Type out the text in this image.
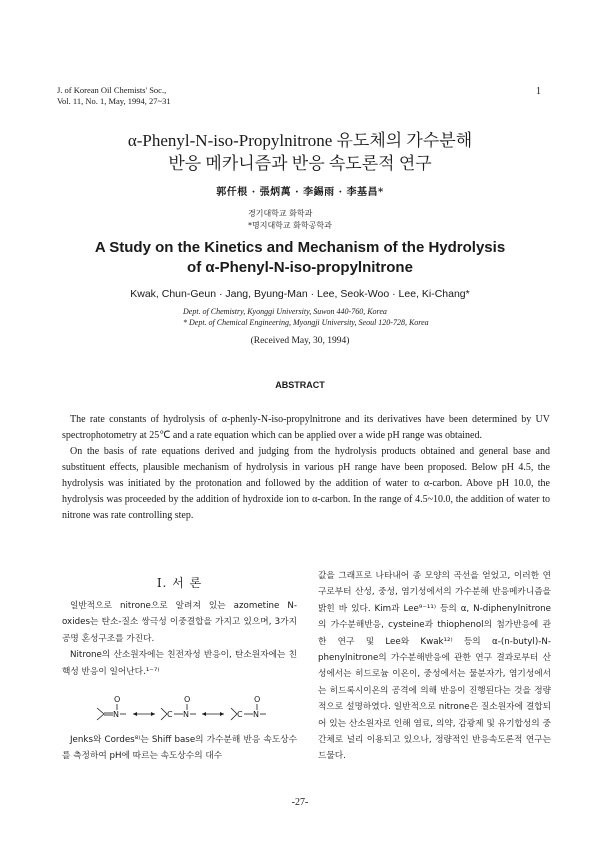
J. of Korean Oil Chemists' Soc.,
Vol. 11, No. 1, May, 1994, 27~31
1
α-Phenyl-N-iso-Propylnitrone 유도체의 가수분해
반응 메카니즘과 반응 속도론적 연구
郭仟根 · 張炳萬 · 李錫雨 · 李基昌*
경기대학교 화학과
*명지대학교 화학공학과
A Study on the Kinetics and Mechanism of the Hydrolysis
of α-Phenyl-N-iso-propylnitrone
Kwak, Chun-Geun · Jang, Byung-Man · Lee, Seok-Woo · Lee, Ki-Chang*
Dept. of Chemistry, Kyonggi University, Suwon 440-760, Korea
* Dept. of Chemical Engineering, Myongji University, Seoul 120-728, Korea
(Received May, 30, 1994)
ABSTRACT

The rate constants of hydrolysis of α-phenly-N-iso-propylnitrone and its derivatives have been determined by UV spectrophotometry at 25℃ and a rate equation which can be applied over a wide pH range was obtained.

On the basis of rate equations derived and judging from the hydrolysis products obtained and general base and substituent effects, plausible mechanism of hydrolysis in various pH range have been proposed. Below pH 4.5, the hydrolysis was initiated by the protonation and followed by the addition of water to α-carbon. Above pH 10.0, the hydrolysis was proceeded by the addition of hydroxide ion to α-carbon. In the range of 4.5~10.0, the addition of water to nitrone was rate controlling step.

I. 서 론

일반적으로 nitrone으로 알려져 있는 azometine N-oxides는 탄소-질소 쌍극성 이중결합을 가지고 있으며, 3가지 공명 혼성구조를 가진다.

Nitrone의 산소원자에는 친전자성 반응이, 탄소원자에는 친핵성 반응이 일어난다.¹⁻⁷⁾

Jenks와 Cordes⁸⁾는 Shiff base의 가수분해 반응 속도상수를 측정하여 pH에 따르는 속도상수의 대수

N
O
C N
O
C N
O

값을 그래프로 나타내어 종 모양의 곡선을 얻었고, 이러한 연구로부터 산성, 중성, 염기성에서의 가수분해 반응메카니즘을 밝힌 바 있다. Kim과 Lee⁹⁻¹¹⁾ 등의 α, N-diphenylnitrone의 가수분해반응, cysteine과 thiophenol의 첨가반응에 관한 연구 및 Lee와 Kwak¹²⁾ 등의 α-(n-butyl)-N-phenylnitrone의 가수분해반응에 관한 연구 결과로부터 산성에서는 히드로늄 이온이, 중성에서는 물분자가, 염기성에서는 히드록시이온의 공격에 의해 반응이 진행된다는 것을 정량적으로 설명하였다. 일반적으로 nitrone은 질소원자에 결합되어 있는 산소원자로 인해 염료, 의약, 감광제 및 유기합성의 중간체로 널리 이용되고 있으나, 정량적인 반응속도론적 연구는 드물다.

-27-
